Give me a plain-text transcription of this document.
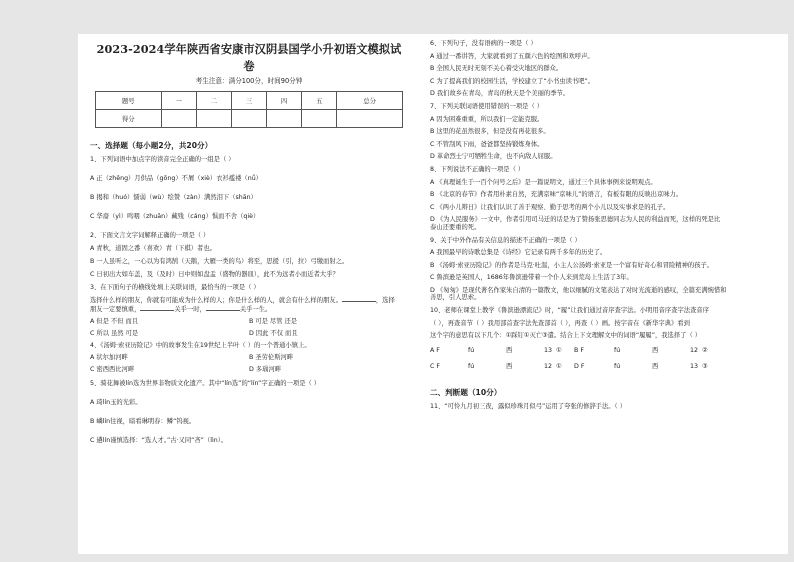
2023-2024学年陕西省安康市汉阴县国学小升初语文模拟试
卷
考生注意：满分100分，时间90分钟
题号	一	二	三	四	五	总分
得分						
一、选择题（每小题2分，共20分）
1、下列词语中加点字的读音完全正确的一组是（ ）
A 正（zhēng）月供品（gōng）不屑（xiè）衣衫褴褛（nǚ）
B 揭和（huó）懦弱（wù）绘赞（zàn）满然泪下（shān）
C 华裔（yì）鸣咽（zhuān）藏残（cáng）惧而不舍（qiè）
2、下面文言文字词解释正确的一项是（ ）
A 青秋，道固之番（喜欢）青（下棋）者也。
B 一人虽听之，一心以为有鸿鹄（天鹅，大雁一类的鸟）将至，思援（引，拉）弓缴而射之。
C 日初出大如车盖，及（及时）日中则如盘盂（盛物的器皿），此不为远者小而近者大乎？
3、在下面句子的横线处填上关联词语，最恰当的一项是（ ）
选择什么样的朋友，你就有可能成为什么样的人；你是什么样的人，就会有什么样的朋友。	，选择
朋友一定要慎重，	关乎一时，	关乎一生。
A 但是 不但 而且	B 可是 尽管 还是
C 所以 虽然 可是	D 因此 不仅 而且
4、《汤姆·索亚历险记》中的故事发生在19世纪上半叶（ ）的一个普通小镇上。
A 状尔加河畔	B 圣劳伦斯河畔
C 密西西比河畔	D 多瑙河畔
5、骑花舞被lín选为世界非物质文化遗产。其中“lín选”的“lín”字正确的一项是（ ）
A 琦lín玉的光彩。
B 嶙lín往视，暗看琳明春：鳞“钨视。
C 遴lín谨慎选择：“选人才。”古·又同“吝”（lìn）。
6、下列句子，没有语病的一项是（ ）
A 通过一番讲答，大家就看到了五颜六色的绘图和欢呼声。
B 全国人民无时无刻不关心着受灾地区的群众。
C 为了提高我们的校园生活，学校建立了“小书虫读书吧”。
D 我们故乡在青岛，青岛的秋天是个美丽的季节。
7、下列关联词语使用错误的一项是（ ）
A 因为困难重重，所以我们一定能克服。
B 这里的花虽然很多，但是没有再花很多。
C 不管刮风下雨，爸爸都坚持锻炼身体。
D 革命烈士宁可牺牲生命，也不向敌人屈服。
8、下列说法不正确的一项是（ ）
A 《真理诞生于一百个问号之后》是一篇说明文，通过三个具体事例来说明观点。
B 《北京的春节》作者用朴素自然，充满京味“京味儿”的语言，有板有眼的反映出京味力。
C 《两小儿辩日》让我们认识了善于观察、勤于思考的两个小儿以及实事求是的孔子。
D 《为人民服务》一文中，作者引用司马迁的话是为了赞扬张思德同志为人民的利益而死，这样的死是比
泰山还要重的死。
9、关于中外作品有关信息的描述不正确的一项是（ ）
A 我国最早的诗歌总集是《诗经》它记录有两千多年的历史了。
B 《汤姆·索亚历险记》的作者是马克·吐温，小主人公汤姆·索亚是一个富有好奇心和冒险精神的孩子。
C 鲁滨逊是英国人，1686年鲁滨逊带着一个仆人来到荒岛上生活了3年。
D 《匆匆》是现代著名作家朱自清的一篇散文，他以细腻的文笔表达了对时光流逝的感叹，全篇充满惋惜和
善思，引人思索。
10、老师在课堂上教学《鲁滨逊漂流记》时，“履”让我们通过音序查字法。小明用音序查字法查音序
（ ），再查音节（ ）我用部首查字法先查部首（ ），再查（ ）画。按字音在《新华字典》看到
这个字的意思有以下几个：①踩钉①灭亡③遣。结合上下文理解文中的词语“履履”，我选择了（ ）
A F	fú	西	13 ①	B F	fú	西	12 ②
C F	fú	西	12 ①	D F	fú	西	13 ③
二、判断题（10分）
11、“可怜九月初三夜，露似珍珠月似弓”运用了夸张的修辞手法。（ ）
